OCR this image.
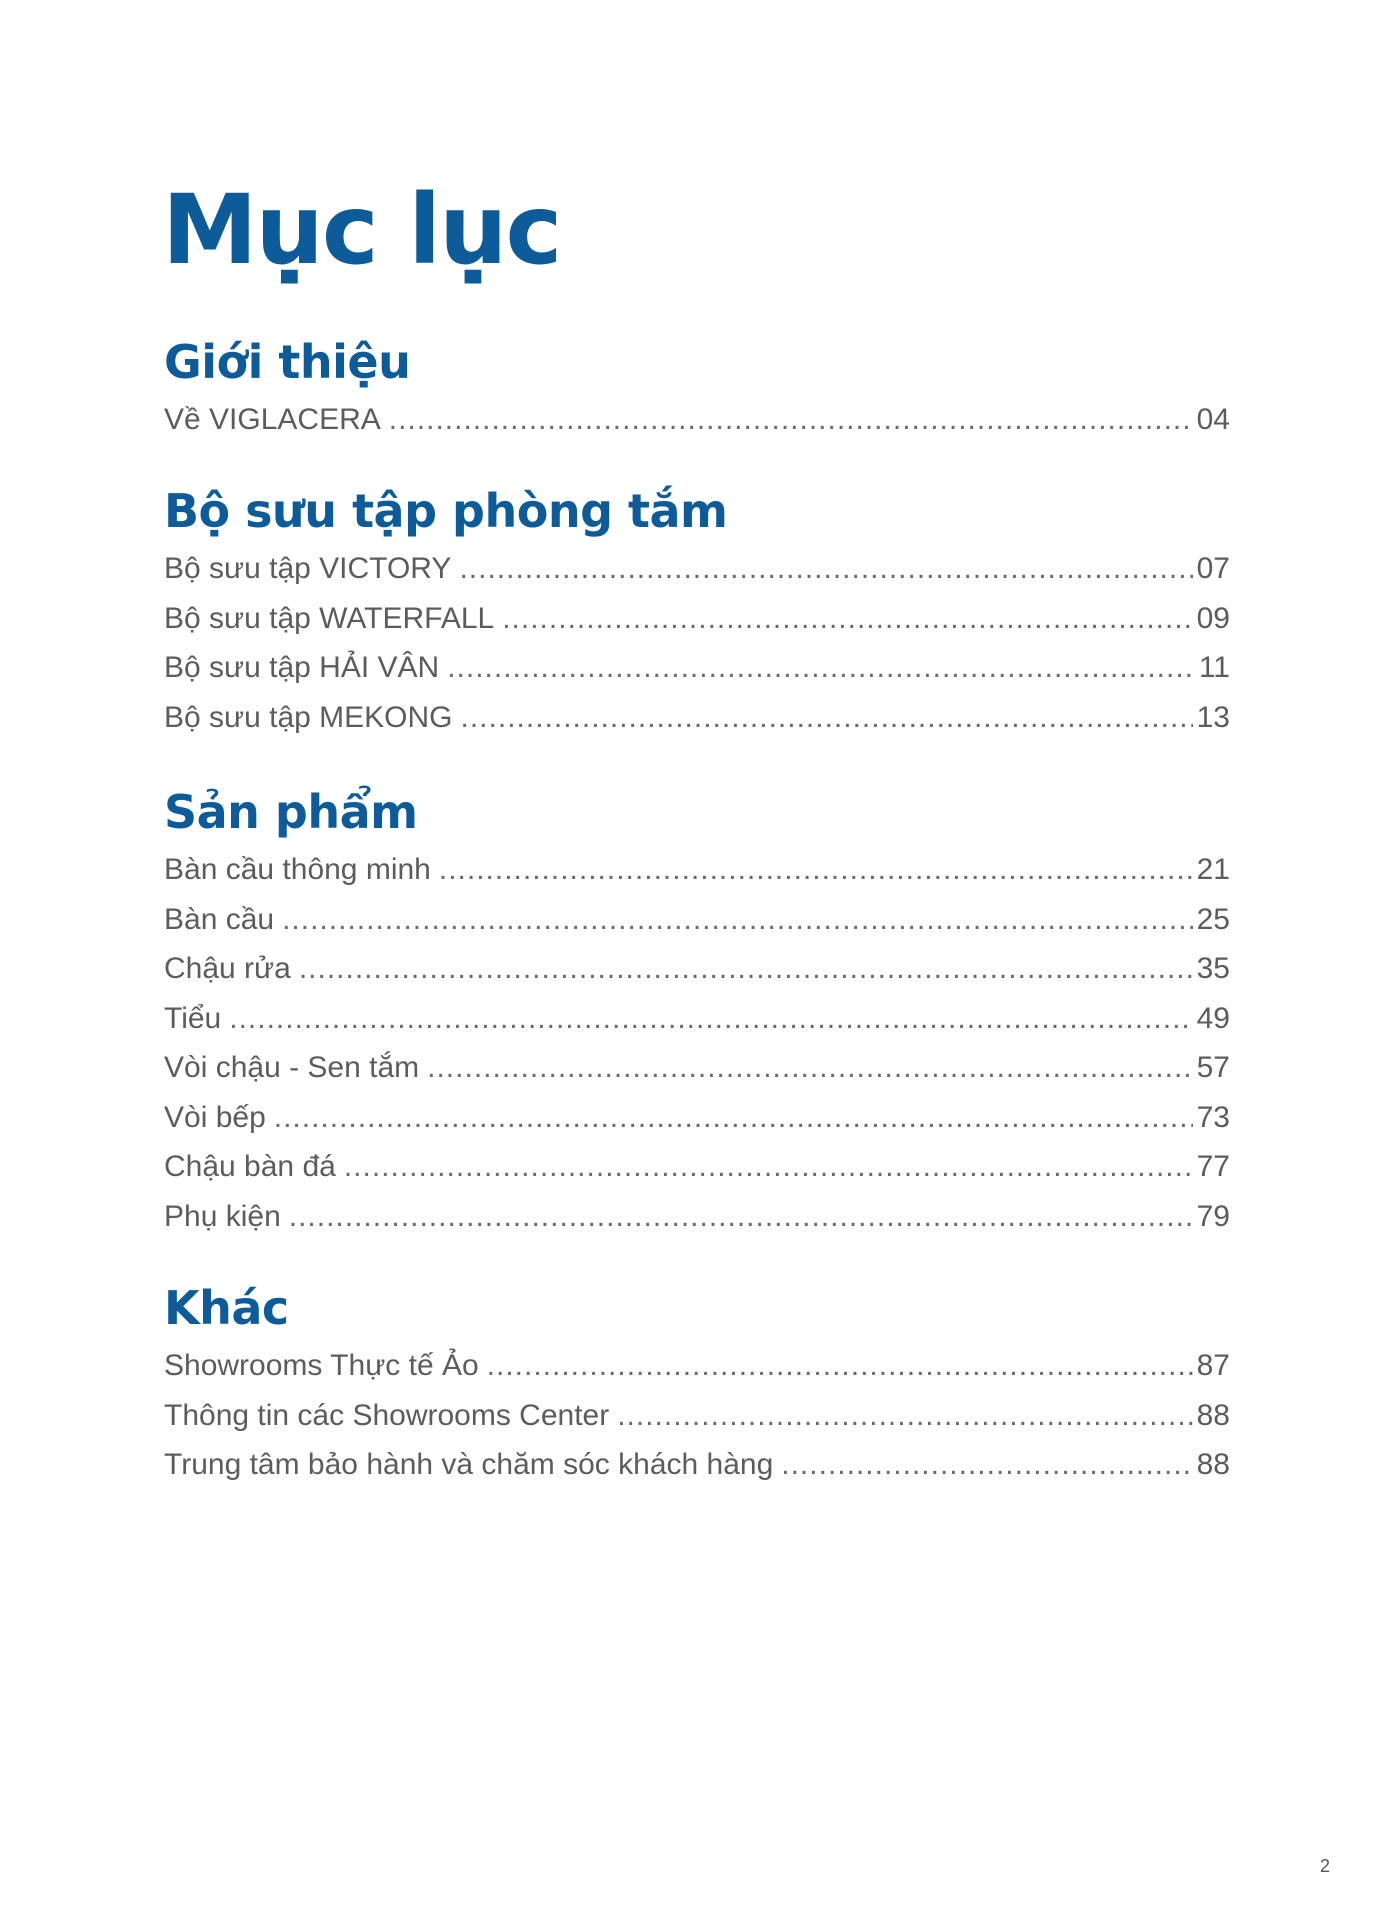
Mục lục
Giới thiệu
Về VIGLACERA .....	04
Bộ sưu tập phòng tắm
Bộ sưu tập VICTORY .....	07
Bộ sưu tập WATERFALL .....	09
Bộ sưu tập HẢI VÂN .....	11
Bộ sưu tập MEKONG .....	13
Sản phẩm
Bàn cầu thông minh .....	21
Bàn cầu .....	25
Chậu rửa .....	35
Tiểu .....	49
Vòi chậu - Sen tắm .....	57
Vòi bếp .....	73
Chậu bàn đá .....	77
Phụ kiện .....	79
Khác
Showrooms Thực tế Ảo .....	87
Thông tin các Showrooms Center .....	88
Trung tâm bảo hành và chăm sóc khách hàng .....	88
2
